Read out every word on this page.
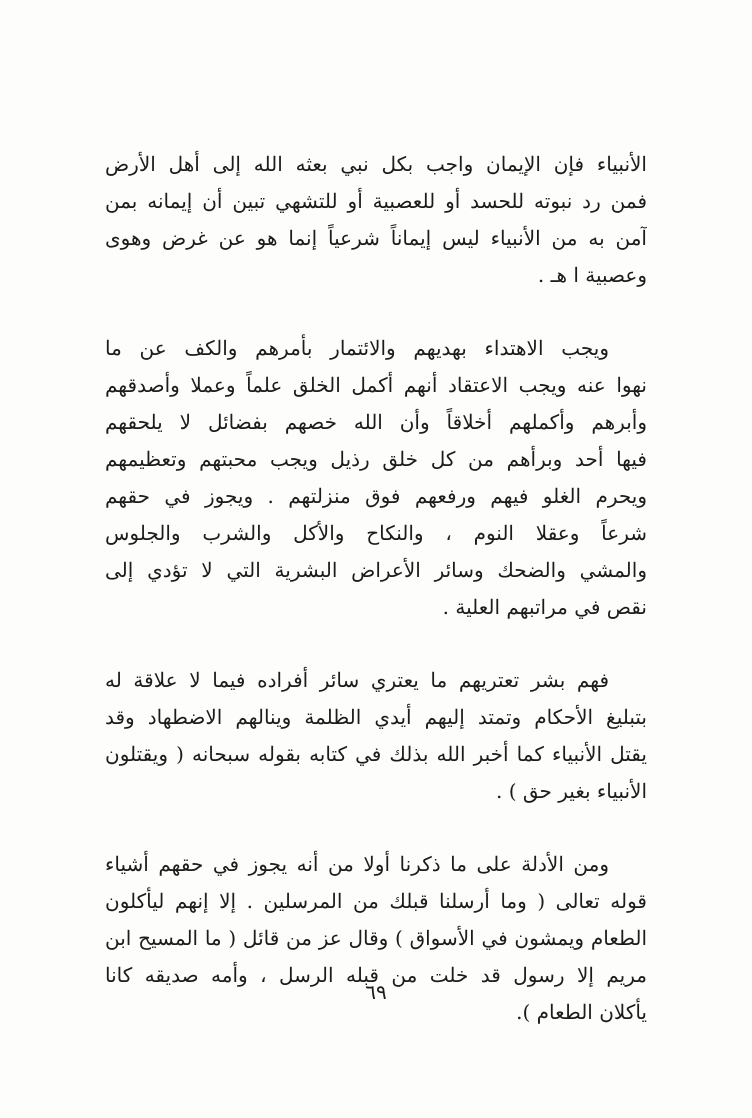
الأنبياء فإن الإيمان واجب بكل نبي بعثه الله إلى أهل الأرض
فمن رد نبوته للحسد أو للعصبية أو للتشهي تبين أن إيمانه بمن
آمن به من الأنبياء ليس إيماناً شرعياً إنما هو عن غرض وهوى
وعصبية ا هـ .
ويجب الاهتداء بهديهم والائتمار بأمرهم والكف عن ما
نهوا عنه ويجب الاعتقاد أنهم أكمل الخلق علماً وعملا وأصدقهم
وأبرهم وأكملهم أخلاقاً وأن الله خصهم بفضائل لا يلحقهم
فيها أحد وبرأهم من كل خلق رذيل ويجب محبتهم وتعظيمهم
ويحرم الغلو فيهم ورفعهم فوق منزلتهم . ويجوز في حقهم
شرعاً وعقلا النوم ، والنكاح والأكل والشرب والجلوس
والمشي والضحك وسائر الأعراض البشرية التي لا تؤدي إلى
نقص في مراتبهم العلية .
فهم بشر تعتريهم ما يعتري سائر أفراده فيما لا علاقة له
بتبليغ الأحكام وتمتد إليهم أيدي الظلمة وينالهم الاضطهاد وقد
يقتل الأنبياء كما أخبر الله بذلك في كتابه بقوله سبحانه ( ويقتلون
الأنبياء بغير حق ) .
ومن الأدلة على ما ذكرنا أولا من أنه يجوز في حقهم أشياء
قوله تعالى ( وما أرسلنا قبلك من المرسلين . إلا إنهم ليأكلون
الطعام ويمشون في الأسواق ) وقال عز من قائل ( ما المسيح ابن
مريم إلا رسول قد خلت من قبله الرسل ، وأمه صديقه كانا
يأكلان الطعام ).
٦٩
